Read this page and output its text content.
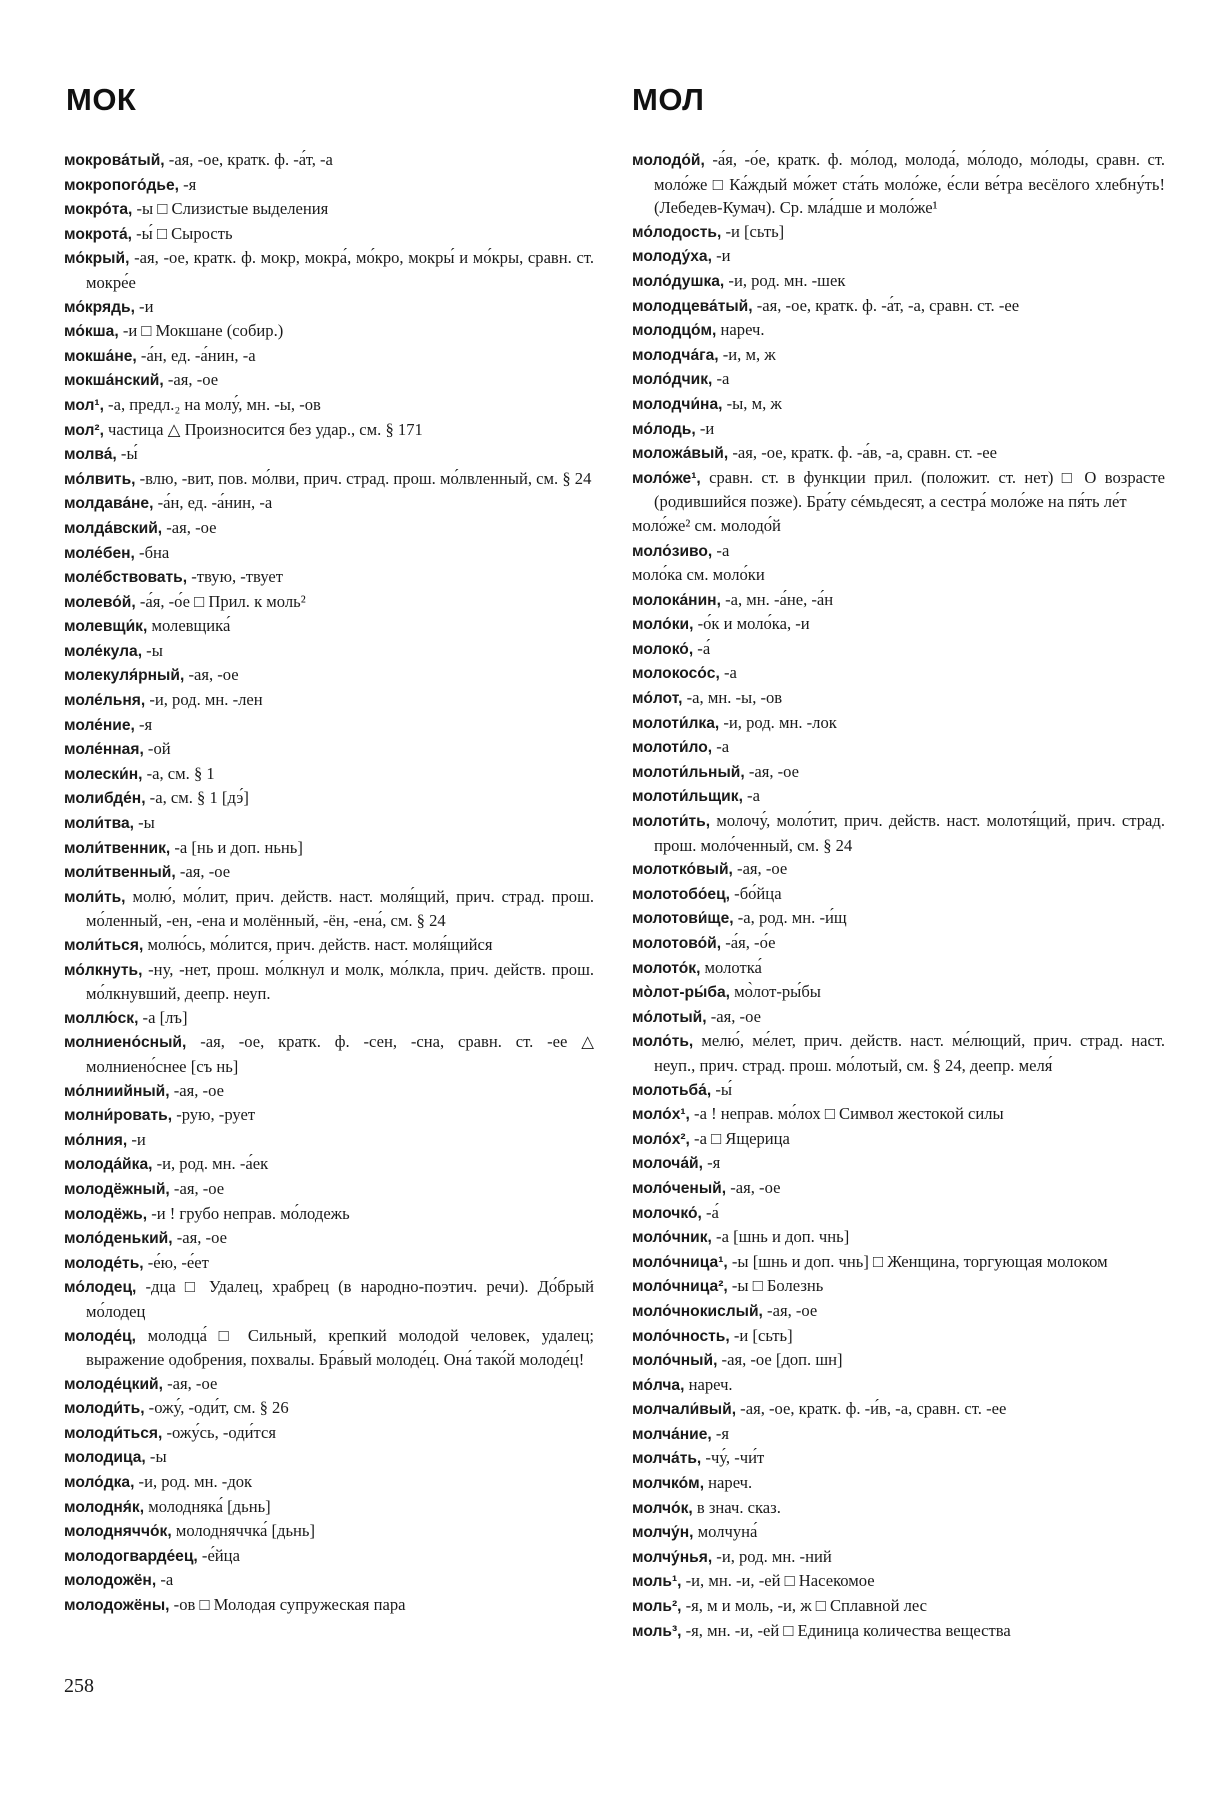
МОК	МОЛ
мокрова́тый, -ая, -ое, кратк. ф. -а́т, -а
мокропого́дье, -я
мокро́та, -ы □ Слизистые выделения
мокрота́, -ы́ □ Сырость
мо́крый, -ая, -ое, кратк. ф. мокр, мокра́, мо́кро, мокры́ и мо́кры, сравн. ст. мокре́е
мо́крядь, -и
мо́кша, -и □ Мокшане (собир.)
мокша́не, -а́н, ед. -а́нин, -а
мокша́нский, -ая, -ое
мол¹, -а, предл.₂ на молу́, мн. -ы, -ов
мол², частица △ Произносится без удар., см. § 171
молва́, -ы́
мо́лвить, -влю, -вит, пов. мо́лви, прич. страд. прош. мо́лвленный, см. § 24
молдава́не, -а́н, ед. -а́нин, -а
молда́вский, -ая, -ое
моле́бен, -бна
моле́бствовать, -твую, -твует
молево́й, -а́я, -о́е □ Прил. к моль²
молевщи́к, молевщика́
моле́кула, -ы
молекуля́рный, -ая, -ое
моле́льня, -и, род. мн. -лен
моле́ние, -я
моле́нная, -ой
молески́н, -а, см. § 1
молибде́н, -а, см. § 1 [дэ́]
моли́тва, -ы
моли́твенник, -а [нь и доп. ньнь]
моли́твенный, -ая, -ое
моли́ть, молю́, мо́лит, прич. действ. наст. моля́щий, прич. страд. прош. мо́ленный, -ен, -ена и молённый, -ён, -ена́, см. § 24
моли́ться, молю́сь, мо́лится, прич. действ. наст. моля́щийся
мо́лкнуть, -ну, -нет, прош. мо́лкнул и молк, мо́лкла, прич. действ. прош. мо́лкнувший, деепр. неуп.
моллю́ск, -а [лъ]
молниено́сный, -ая, -ое, кратк. ф. -сен, -сна, сравн. ст. -ее △ молниено́снее [съ нь]
мо́лниийный, -ая, -ое
молни́ровать, -рую, -рует
мо́лния, -и
молода́йка, -и, род. мн. -а́ек
молодёжный, -ая, -ое
молодёжь, -и ! грубо неправ. мо́лодежь
моло́денький, -ая, -ое
молоде́ть, -е́ю, -е́ет
мо́лодец, -дца □ Удалец, храбрец (в народно-поэтич. речи). До́брый мо́лодец
молоде́ц, молодца́ □ Сильный, крепкий молодой человек, удалец; выражение одобрения, похвалы. Бра́вый молоде́ц. Она́ тако́й молоде́ц!
молоде́цкий, -ая, -ое
молоди́ть, -ожу́, -оди́т, см. § 26
молоди́ться, -ожу́сь, -оди́тся
молодица, -ы
моло́дка, -и, род. мн. -док
молодня́к, молодняка́ [дьнь]
молодняччо́к, молодняччка́ [дьнь]
молодогварде́ец, -е́йца
молодожён, -а
молодожёны, -ов □ Молодая супружеская пара
молодо́й, -а́я, -о́е, кратк. ф. мо́лод, молода́, мо́лодо, мо́лоды, сравн. ст. моло́же □ Ка́ждый мо́жет ста́ть моло́же, е́сли ве́тра весёлого хлебну́ть! (Лебедев-Кумач). Ср. мла́дше и моло́же¹
мо́лодость, -и [сьть]
молоду́ха, -и
моло́душка, -и, род. мн. -шек
молодцева́тый, -ая, -ое, кратк. ф. -а́т, -а, сравн. ст. -ее
молодцо́м, нареч.
молодча́га, -и, м, ж
моло́дчик, -а
молодчи́на, -ы, м, ж
мо́лодь, -и
моложа́вый, -ая, -ое, кратк. ф. -а́в, -а, сравн. ст. -ее
моло́же¹, сравн. ст. в функции прил. (положит. ст. нет) □ О возрасте (родившийся позже). Бра́ту сéмьдесят, а сестра́ моло́же на пя́ть ле́т
моло́же² см. молодо́й
моло́зиво, -а
моло́ка см. моло́ки
молока́нин, -а, мн. -а́не, -а́н
моло́ки, -о́к и моло́ка, -и
молоко́, -а́
молокосо́с, -а
мо́лот, -а, мн. -ы, -ов
молоти́лка, -и, род. мн. -лок
молоти́ло, -а
молоти́льный, -ая, -ое
молоти́льщик, -а
молоти́ть, молочу́, моло́тит, прич. действ. наст. молотя́щий, прич. страд. прош. моло́ченный, см. § 24
молотко́вый, -ая, -ое
молотобо́ец, -бо́йца
молотови́ще, -а, род. мн. -и́щ
молотово́й, -а́я, -о́е
молото́к, молотка́
мо̀лот-ры́ба, мо̀лот-ры́бы
мо́лотый, -ая, -ое
моло́ть, мелю́, ме́лет, прич. действ. наст. ме́лющий, прич. страд. наст. неуп., прич. страд. прош. мо́лотый, см. § 24, деепр. меля́
молотьба́, -ы́
моло́х¹, -а ! неправ. мо́лох □ Символ жестокой силы
моло́х², -а □ Ящерица
молоча́й, -я
моло́ченый, -ая, -ое
молочко́, -а́
моло́чник, -а [шнь и доп. чнь]
моло́чница¹, -ы [шнь и доп. чнь] □ Женщина, торгующая молоком
моло́чница², -ы □ Болезнь
моло́чнокислый, -ая, -ое
моло́чность, -и [сьть]
моло́чный, -ая, -ое [доп. шн]
мо́лча, нареч.
молчали́вый, -ая, -ое, кратк. ф. -и́в, -а, сравн. ст. -ее
молча́ние, -я
молча́ть, -чу́, -чи́т
молчко́м, нареч.
молчо́к, в знач. сказ.
молчу́н, молчуна́
молчу́нья, -и, род. мн. -ний
моль¹, -и, мн. -и, -ей □ Насекомое
моль², -я, м и моль, -и, ж □ Сплавной лес
моль³, -я, мн. -и, -ей □ Единица количества вещества
258
